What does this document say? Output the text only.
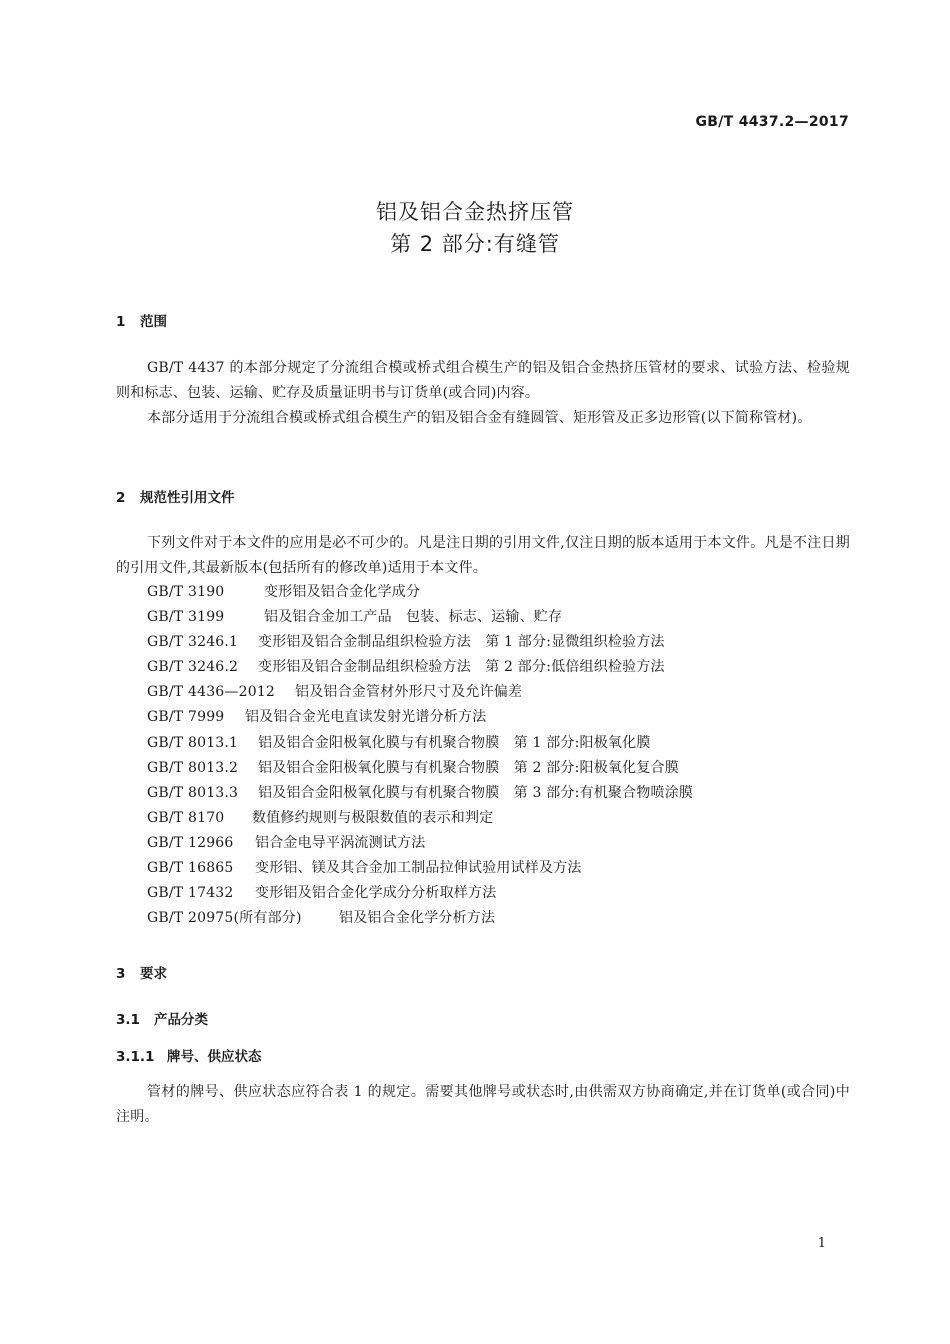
GB/T 4437.2—2017
铝及铝合金热挤压管
第 2 部分:有缝管
1 范围
GB/T 4437 的本部分规定了分流组合模或桥式组合模生产的铝及铝合金热挤压管材的要求、试验方法、检验规则和标志、包装、运输、贮存及质量证明书与订货单(或合同)内容。
本部分适用于分流组合模或桥式组合模生产的铝及铝合金有缝圆管、矩形管及正多边形管(以下简称管材)。
2 规范性引用文件
下列文件对于本文件的应用是必不可少的。凡是注日期的引用文件,仅注日期的版本适用于本文件。凡是不注日期的引用文件,其最新版本(包括所有的修改单)适用于本文件。
GB/T 3190	变形铝及铝合金化学成分
GB/T 3199	铝及铝合金加工产品　包装、标志、运输、贮存
GB/T 3246.1 变形铝及铝合金制品组织检验方法　第 1 部分:显微组织检验方法
GB/T 3246.2 变形铝及铝合金制品组织检验方法　第 2 部分:低倍组织检验方法
GB/T 4436—2012 铝及铝合金管材外形尺寸及允许偏差
GB/T 7999 铝及铝合金光电直读发射光谱分析方法
GB/T 8013.1 铝及铝合金阳极氧化膜与有机聚合物膜　第 1 部分:阳极氧化膜
GB/T 8013.2 铝及铝合金阳极氧化膜与有机聚合物膜　第 2 部分:阳极氧化复合膜
GB/T 8013.3 铝及铝合金阳极氧化膜与有机聚合物膜　第 3 部分:有机聚合物喷涂膜
GB/T 8170 数值修约规则与极限数值的表示和判定
GB/T 12966 铝合金电导平涡流测试方法
GB/T 16865 变形铝、镁及其合金加工制品拉伸试验用试样及方法
GB/T 17432 变形铝及铝合金化学成分分析取样方法
GB/T 20975(所有部分)	铝及铝合金化学分析方法
3 要求
3.1 产品分类
3.1.1 牌号、供应状态
管材的牌号、供应状态应符合表 1 的规定。需要其他牌号或状态时,由供需双方协商确定,并在订货单(或合同)中注明。
1
